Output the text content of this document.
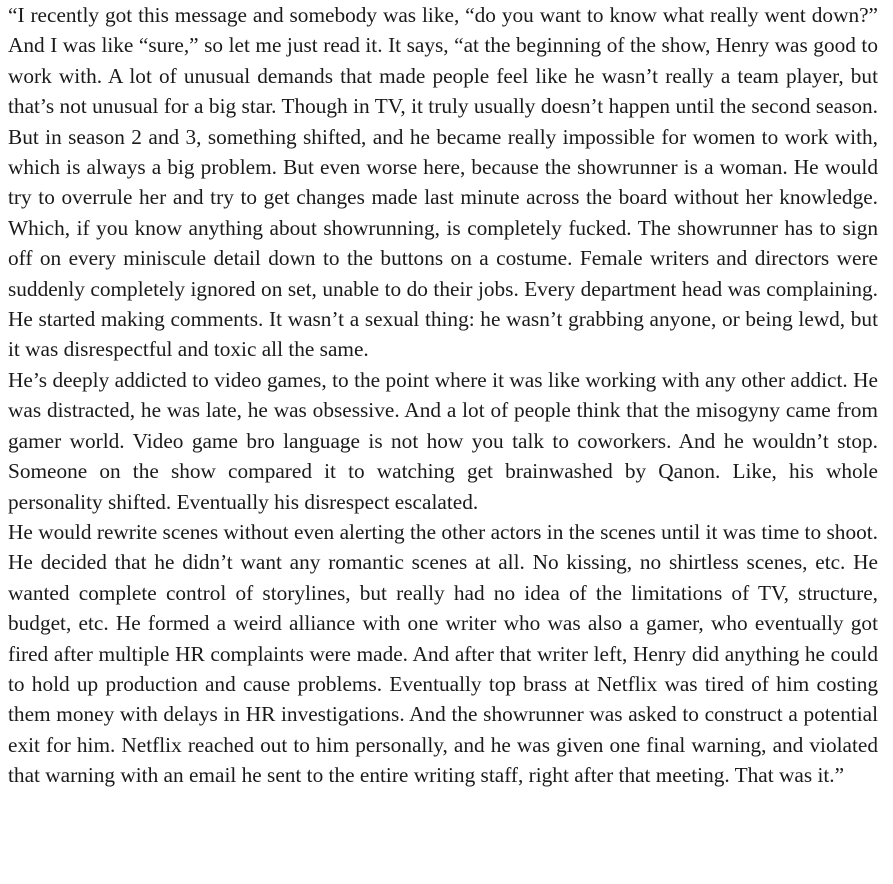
“I recently got this message and somebody was like, “do you want to know what really went down?” And I was like “sure,” so let me just read it. It says, “at the beginning of the show, Henry was good to work with. A lot of unusual demands that made people feel like he wasn’t really a team player, but that’s not unusual for a big star. Though in TV, it truly usually doesn’t happen until the second season. But in season 2 and 3, something shifted, and he became really impossible for women to work with, which is always a big problem. But even worse here, because the showrunner is a woman. He would try to overrule her and try to get changes made last minute across the board without her knowledge. Which, if you know anything about showrunning, is completely fucked. The showrunner has to sign off on every miniscule detail down to the buttons on a costume. Female writers and directors were suddenly completely ignored on set, unable to do their jobs. Every department head was complaining. He started making comments. It wasn’t a sexual thing: he wasn’t grabbing anyone, or being lewd, but it was disrespectful and toxic all the same.

He’s deeply addicted to video games, to the point where it was like working with any other addict. He was distracted, he was late, he was obsessive. And a lot of people think that the misogyny came from gamer world. Video game bro language is not how you talk to coworkers. And he wouldn’t stop. Someone on the show compared it to watching get brainwashed by Qanon. Like, his whole personality shifted. Eventually his disrespect escalated.

He would rewrite scenes without even alerting the other actors in the scenes until it was time to shoot. He decided that he didn’t want any romantic scenes at all. No kissing, no shirtless scenes, etc. He wanted complete control of storylines, but really had no idea of the limitations of TV, structure, budget, etc. He formed a weird alliance with one writer who was also a gamer, who eventually got fired after multiple HR complaints were made. And after that writer left, Henry did anything he could to hold up production and cause problems. Eventually top brass at Netflix was tired of him costing them money with delays in HR investigations. And the showrunner was asked to construct a potential exit for him. Netflix reached out to him personally, and he was given one final warning, and violated that warning with an email he sent to the entire writing staff, right after that meeting. That was it.”
